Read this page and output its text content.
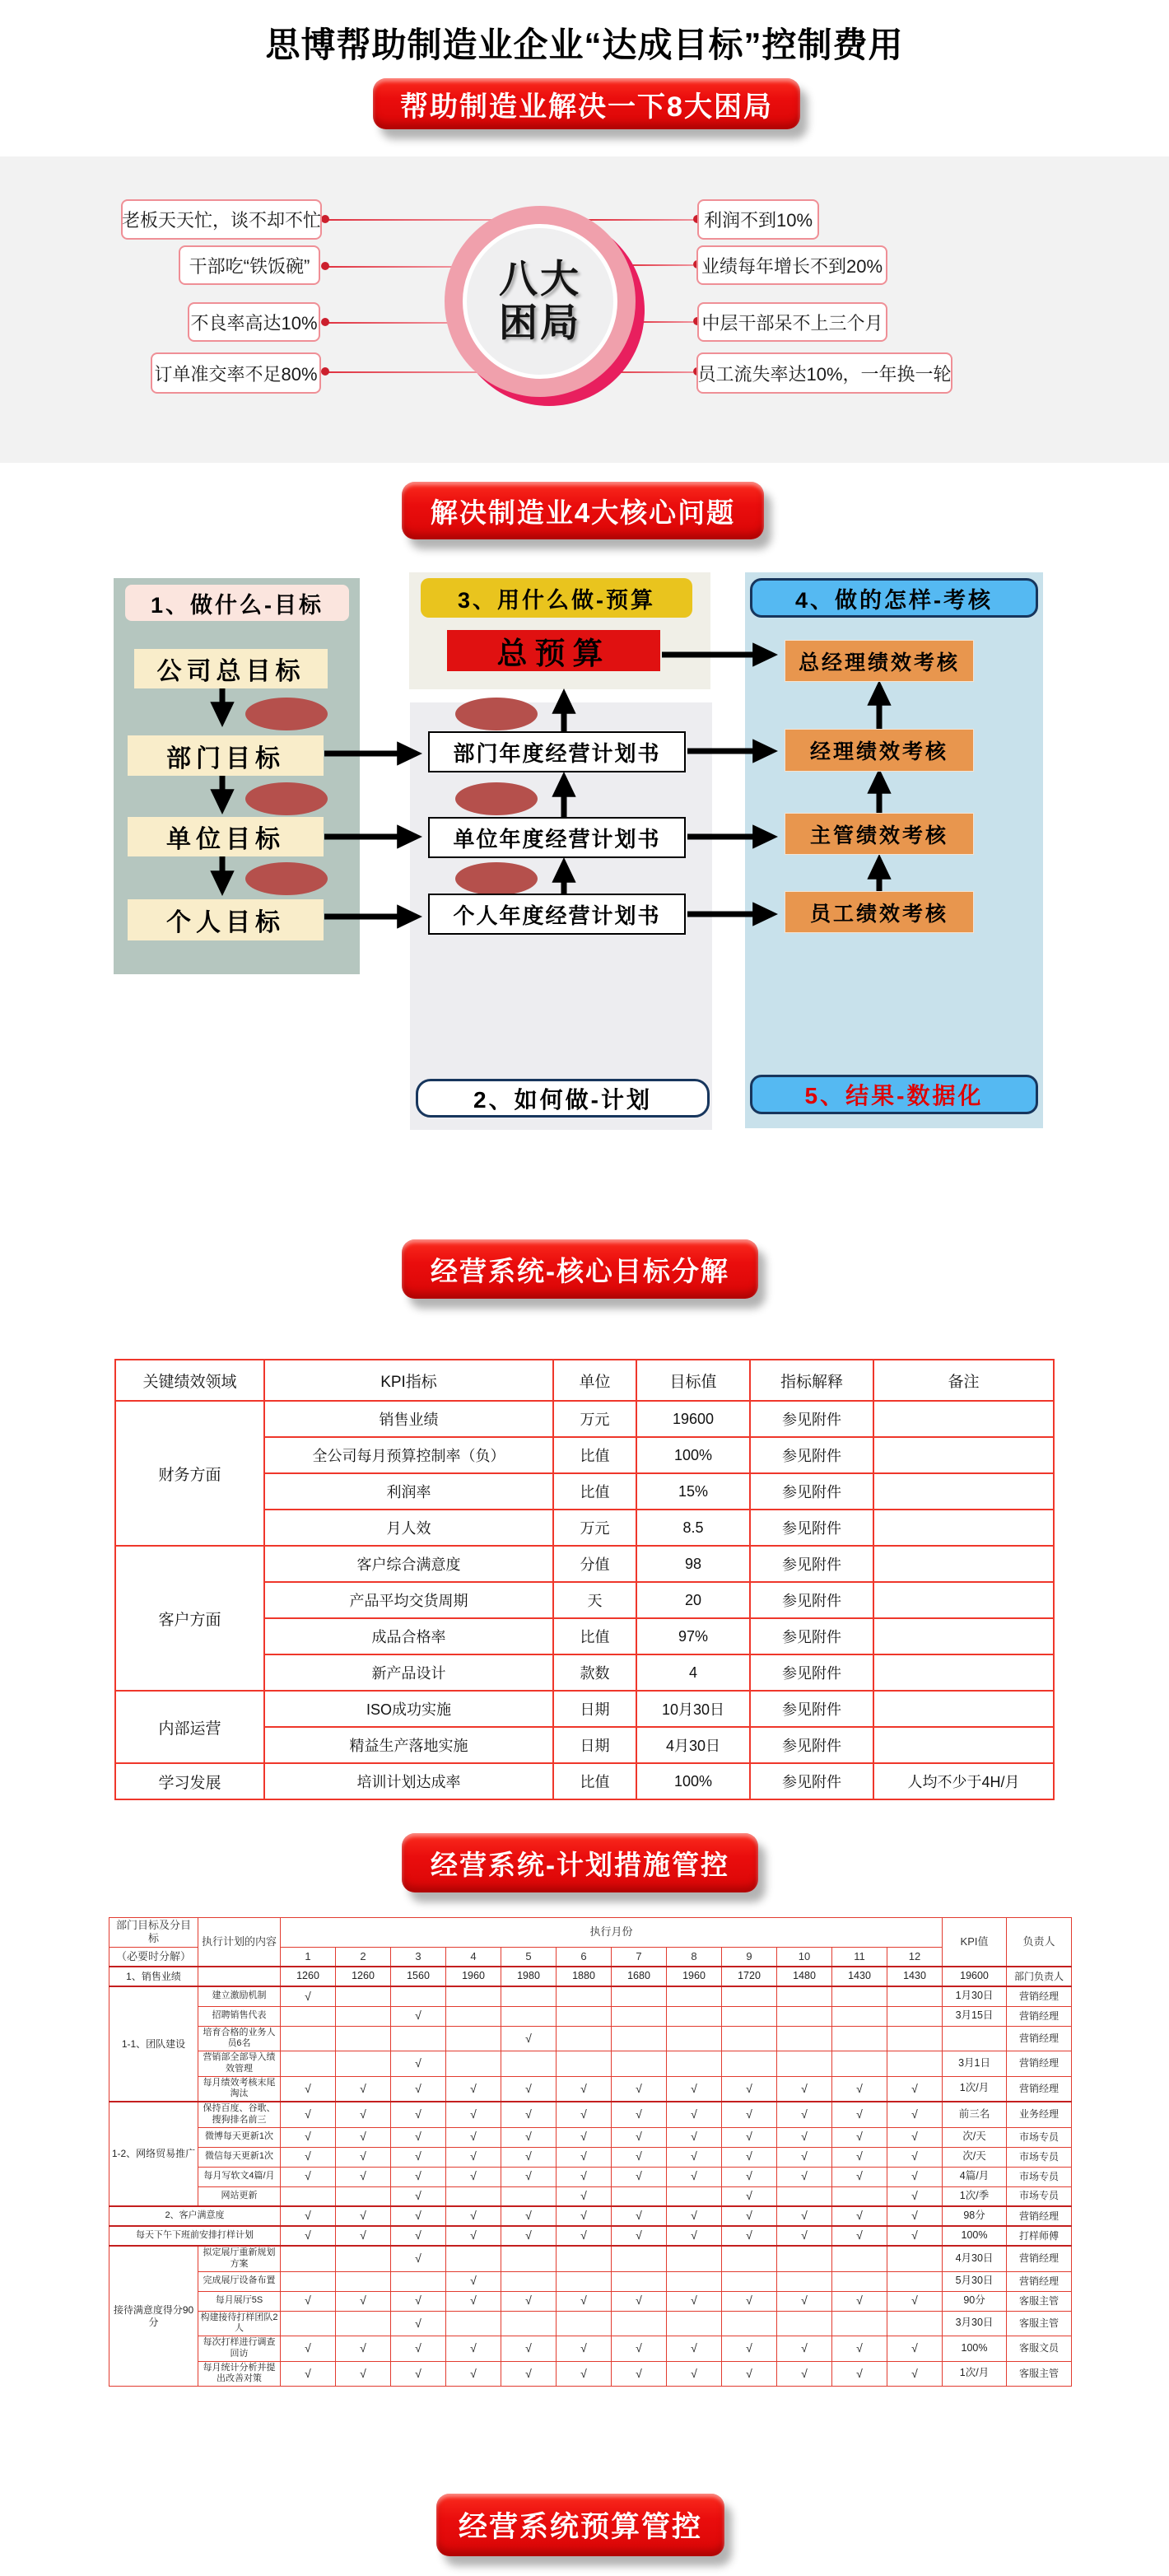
思博帮助制造业企业“达成目标”控制费用
帮助制造业解决一下8大困局
老板天天忙，谈不却不忙
干部吃“铁饭碗”
不良率高达10%
订单准交率不足80%
利润不到10%
业绩每年增长不到20%
中层干部呆不上三个月
员工流失率达10%，一年换一轮
八大
困局
解决制造业4大核心问题
1、做什么-目标
公司总目标
部门目标
单位目标
个人目标
3、用什么做-预算
总预算
部门年度经营计划书
单位年度经营计划书
个人年度经营计划书
2、如何做-计划
4、做的怎样-考核
总经理绩效考核
经理绩效考核
主管绩效考核
员工绩效考核
5、结果-数据化
经营系统-核心目标分解
关键绩效领域	KPI指标	单位	目标值	指标解释	备注
财务方面	销售业绩	万元	19600	参见附件	
	全公司每月预算控制率（负）	比值	100%	参见附件	
	利润率	比值	15%	参见附件	
	月人效	万元	8.5	参见附件	
客户方面	客户综合满意度	分值	98	参见附件	
	产品平均交货周期	天	20	参见附件	
	成品合格率	比值	97%	参见附件	
	新产品设计	款数	4	参见附件	
内部运营	ISO成功实施	日期	10月30日	参见附件	
	精益生产落地实施	日期	4月30日	参见附件	
学习发展	培训计划达成率	比值	100%	参见附件	人均不少于4H/月
经营系统-计划措施管控
部门目标及分目标	执行计划的内容	执行月份												KPI值	负责人
（必要时分解）		1	2	3	4	5	6	7	8	9	10	11	12		
1、销售业绩		1260	1260	1560	1960	1980	1880	1680	1960	1720	1480	1430	1430	19600	部门负责人
1-1、团队建设	建立激励机制	√												1月30日	营销经理
	招聘销售代表			√										3月15日	营销经理
	培育合格的业务人员6名					√									营销经理
	营销部全部导入绩效管理			√										3月1日	营销经理
	每月绩效考核末尾淘汰	√	√	√	√	√	√	√	√	√	√	√	√	1次/月	营销经理
1-2、网络贸易推广	保持百度、谷歌、搜狗排名前三	√	√	√	√	√	√	√	√	√	√	√	√	前三名	业务经理
	微博每天更新1次	√	√	√	√	√	√	√	√	√	√	√	√	次/天	市场专员
	微信每天更新1次	√	√	√	√	√	√	√	√	√	√	√	√	次/天	市场专员
	每月写软文4篇/月	√	√	√	√	√	√	√	√	√	√	√	√	4篇/月	市场专员
	网站更新			√			√			√			√	1次/季	市场专员
2、客户满意度		√	√	√	√	√	√	√	√	√	√	√	√	98分	营销经理
每天下午下班前安排打样计划		√	√	√	√	√	√	√	√	√	√	√	√	100%	打样师傅
接待满意度得分90分	拟定展厅重新规划方案			√										4月30日	营销经理
	完成展厅设备布置				√									5月30日	营销经理
	每月展厅5S	√	√	√	√	√	√	√	√	√	√	√	√	90分	客服主管
	构建接待打样团队2人			√										3月30日	客服主管
	每次打样进行调查回访	√	√	√	√	√	√	√	√	√	√	√	√	100%	客服文员
	每月统计分析并提出改善对策	√	√	√	√	√	√	√	√	√	√	√	√	1次/月	客服主管
经营系统预算管控
